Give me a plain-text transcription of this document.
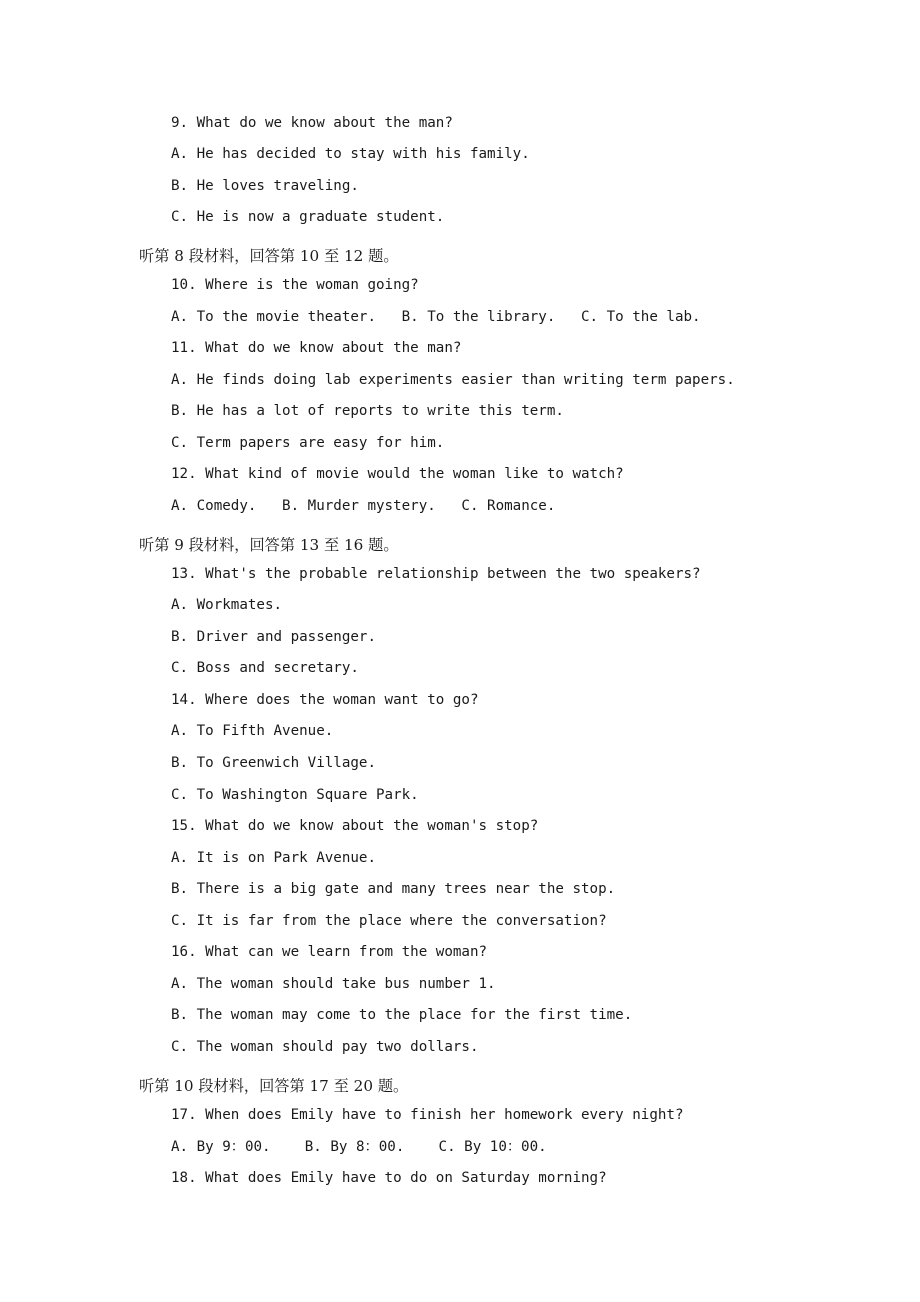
9. What do we know about the man?
A. He has decided to stay with his family.
B. He loves traveling.
C. He is now a graduate student.
听第 8 段材料，回答第 10 至 12 题。
10. Where is the woman going?
A. To the movie theater.   B. To the library.   C. To the lab.
11. What do we know about the man?
A. He finds doing lab experiments easier than writing term papers.
B. He has a lot of reports to write this term.
C. Term papers are easy for him.
12. What kind of movie would the woman like to watch?
A. Comedy.   B. Murder mystery.   C. Romance.
听第 9 段材料，回答第 13 至 16 题。
13. What's the probable relationship between the two speakers?
A. Workmates.
B. Driver and passenger.
C. Boss and secretary.
14. Where does the woman want to go?
A. To Fifth Avenue.
B. To Greenwich Village.
C. To Washington Square Park.
15. What do we know about the woman's stop?
A. It is on Park Avenue.
B. There is a big gate and many trees near the stop.
C. It is far from the place where the conversation?
16. What can we learn from the woman?
A. The woman should take bus number 1.
B. The woman may come to the place for the first time.
C. The woman should pay two dollars.
听第 10 段材料，回答第 17 至 20 题。
17. When does Emily have to finish her homework every night?
A. By 9：00.    B. By 8：00.    C. By 10：00.
18. What does Emily have to do on Saturday morning?
